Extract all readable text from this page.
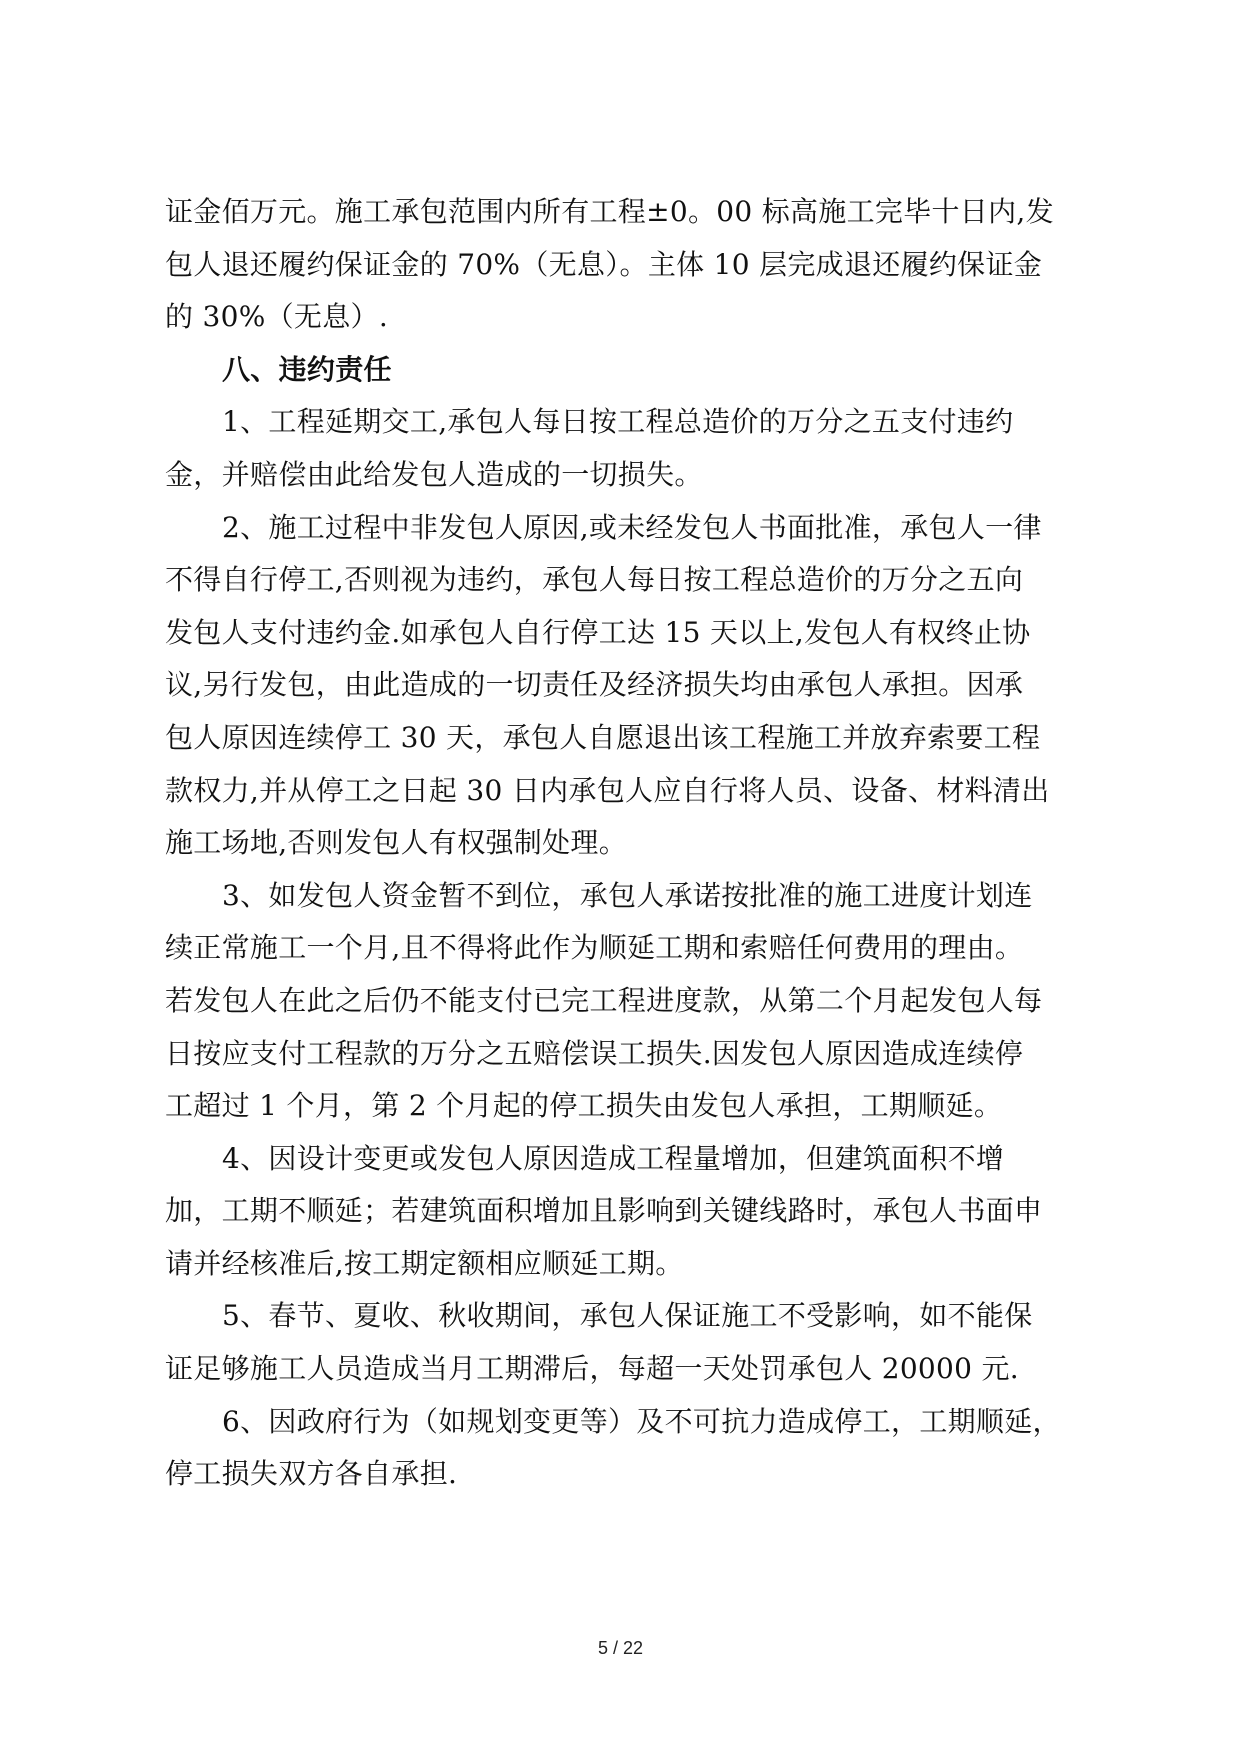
证金佰万元。施工承包范围内所有工程±0。00 标高施工完毕十日内,发
包人退还履约保证金的 70%（无息）。主体 10 层完成退还履约保证金
的 30%（无息）.
八、违约责任
1、工程延期交工,承包人每日按工程总造价的万分之五支付违约
金，并赔偿由此给发包人造成的一切损失。
2、施工过程中非发包人原因,或未经发包人书面批准，承包人一律
不得自行停工,否则视为违约，承包人每日按工程总造价的万分之五向
发包人支付违约金.如承包人自行停工达 15 天以上,发包人有权终止协
议,另行发包，由此造成的一切责任及经济损失均由承包人承担。因承
包人原因连续停工 30 天，承包人自愿退出该工程施工并放弃索要工程
款权力,并从停工之日起 30 日内承包人应自行将人员、设备、材料清出
施工场地,否则发包人有权强制处理。
3、如发包人资金暂不到位，承包人承诺按批准的施工进度计划连
续正常施工一个月,且不得将此作为顺延工期和索赔任何费用的理由。
若发包人在此之后仍不能支付已完工程进度款，从第二个月起发包人每
日按应支付工程款的万分之五赔偿误工损失.因发包人原因造成连续停
工超过 1 个月，第 2 个月起的停工损失由发包人承担，工期顺延。
4、因设计变更或发包人原因造成工程量增加，但建筑面积不增
加，工期不顺延；若建筑面积增加且影响到关键线路时，承包人书面申
请并经核准后,按工期定额相应顺延工期。
5、春节、夏收、秋收期间，承包人保证施工不受影响，如不能保
证足够施工人员造成当月工期滞后，每超一天处罚承包人 20000 元.
6、因政府行为（如规划变更等）及不可抗力造成停工，工期顺延，
停工损失双方各自承担.
5 / 22
